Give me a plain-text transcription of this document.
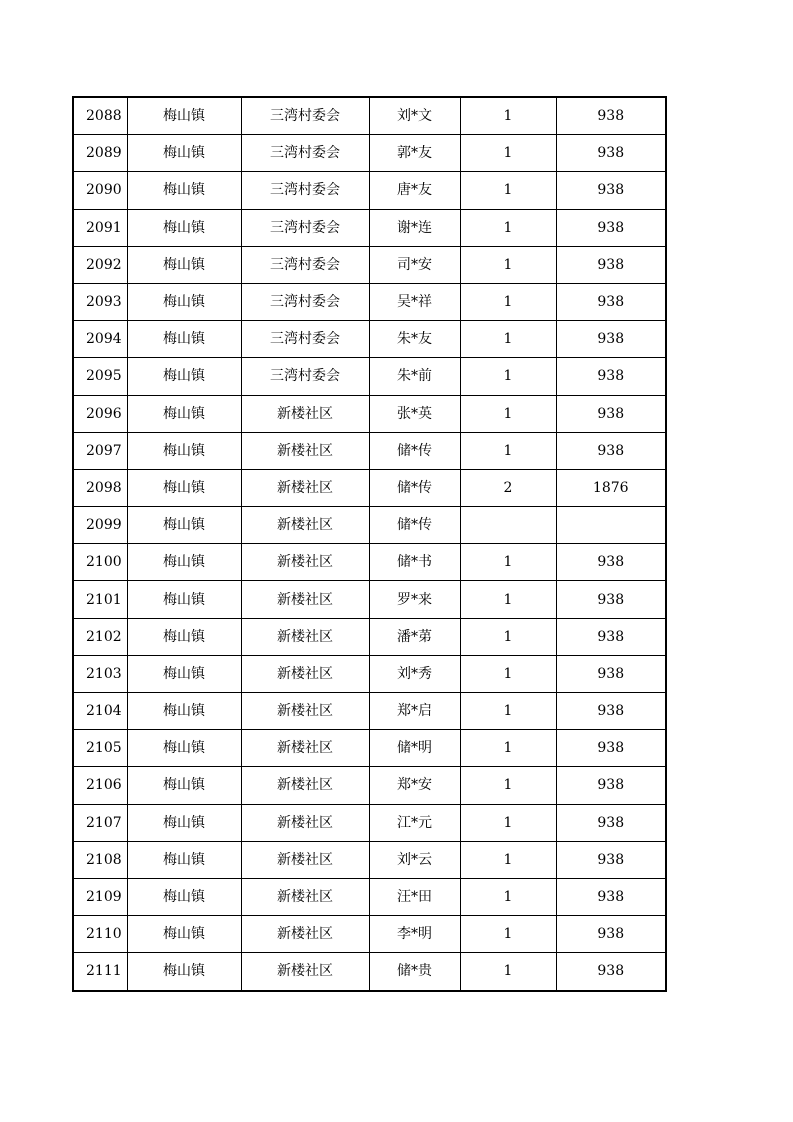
2088	梅山镇	三湾村委会	刘*文	1	938
2089	梅山镇	三湾村委会	郭*友	1	938
2090	梅山镇	三湾村委会	唐*友	1	938
2091	梅山镇	三湾村委会	谢*连	1	938
2092	梅山镇	三湾村委会	司*安	1	938
2093	梅山镇	三湾村委会	吴*祥	1	938
2094	梅山镇	三湾村委会	朱*友	1	938
2095	梅山镇	三湾村委会	朱*前	1	938
2096	梅山镇	新楼社区	张*英	1	938
2097	梅山镇	新楼社区	储*传	1	938
2098	梅山镇	新楼社区	储*传	2	1876
2099	梅山镇	新楼社区	储*传		
2100	梅山镇	新楼社区	储*书	1	938
2101	梅山镇	新楼社区	罗*来	1	938
2102	梅山镇	新楼社区	潘*苐	1	938
2103	梅山镇	新楼社区	刘*秀	1	938
2104	梅山镇	新楼社区	郑*启	1	938
2105	梅山镇	新楼社区	储*明	1	938
2106	梅山镇	新楼社区	郑*安	1	938
2107	梅山镇	新楼社区	江*元	1	938
2108	梅山镇	新楼社区	刘*云	1	938
2109	梅山镇	新楼社区	汪*田	1	938
2110	梅山镇	新楼社区	李*明	1	938
2111	梅山镇	新楼社区	储*贵	1	938
